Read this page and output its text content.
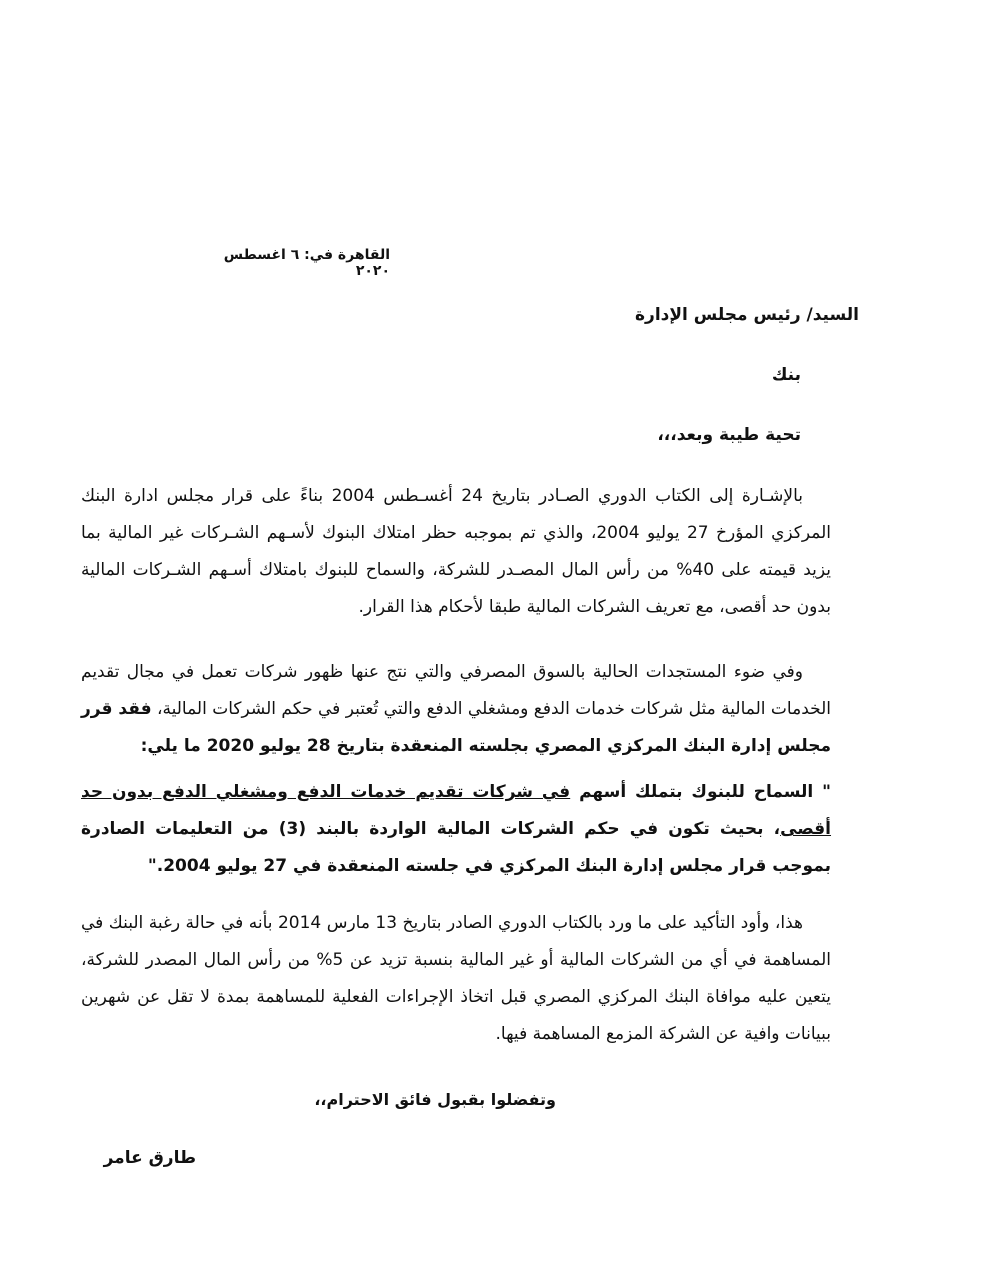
القاهرة في: ٦ اغسطس ٢٠٢٠
السيد/ رئيس مجلس الإدارة
بنك
تحية طيبة وبعد،،،
بالإشـارة إلى الكتاب الدوري الصـادر بتاريخ 24 أغسـطس 2004 بناءً على قرار مجلس ادارة البنك المركزي المؤرخ 27 يوليو 2004، والذي تم بموجبه حظر امتلاك البنوك لأسـهم الشـركات غير المالية بما يزيد قيمته على 40% من رأس المال المصـدر للشركة، والسماح للبنوك بامتلاك أسـهم الشـركات المالية بدون حد أقصى، مع تعريف الشركات المالية طبقا لأحكام هذا القرار.
وفي ضوء المستجدات الحالية بالسوق المصرفي والتي نتج عنها ظهور شركات تعمل في مجال تقديم الخدمات المالية مثل شركات خدمات الدفع ومشغلي الدفع والتي تُعتبر في حكم الشركات المالية، فقد قرر مجلس إدارة البنك المركزي المصري بجلسته المنعقدة بتاريخ 28 يوليو 2020 ما يلي:
" السماح للبنوك بتملك أسهم في شركات تقديم خدمات الدفع ومشغلي الدفع بدون حد أقصى، بحيث تكون في حكم الشركات المالية الواردة بالبند (3) من التعليمات الصادرة بموجب قرار مجلس إدارة البنك المركزي في جلسته المنعقدة في 27 يوليو 2004."
هذا، وأود التأكيد على ما ورد بالكتاب الدوري الصادر بتاريخ 13 مارس 2014 بأنه في حالة رغبة البنك في المساهمة في أي من الشركات المالية أو غير المالية بنسبة تزيد عن 5% من رأس المال المصدر للشركة، يتعين عليه موافاة البنك المركزي المصري قبل اتخاذ الإجراءات الفعلية للمساهمة بمدة لا تقل عن شهرين ببيانات وافية عن الشركة المزمع المساهمة فيها.
وتفضلوا بقبول فائق الاحترام،،
طارق عامر
